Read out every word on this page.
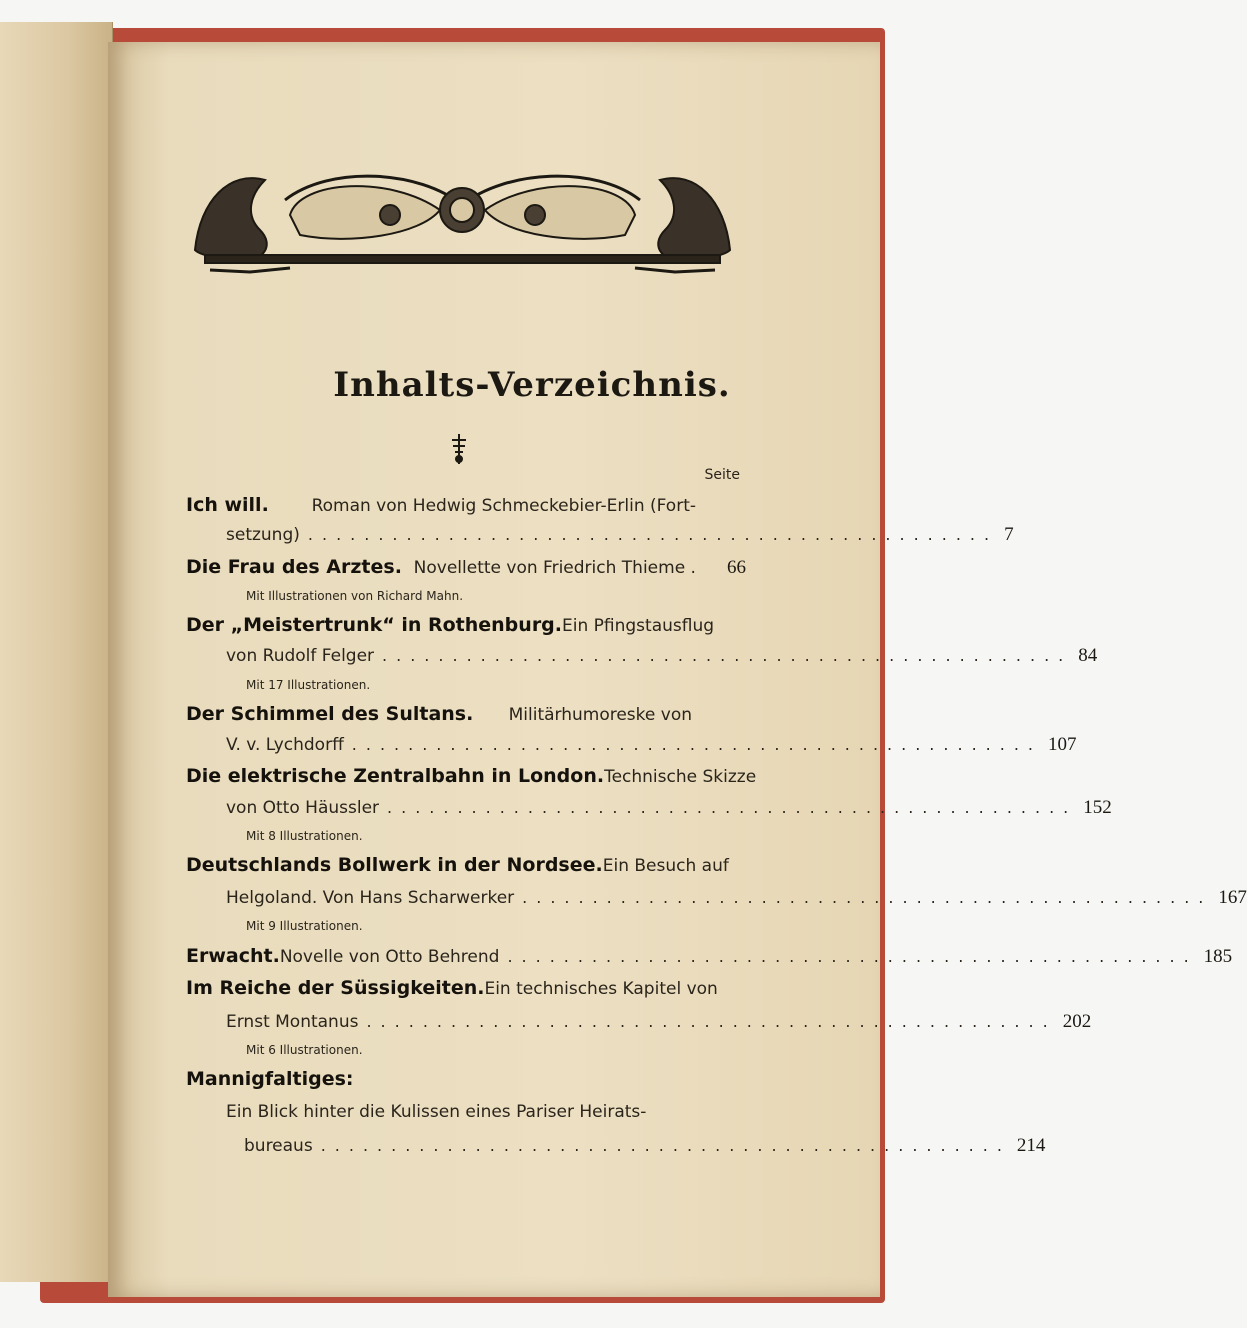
Inhalts-Verzeichnis.
Seite
Ich will.	Roman von Hedwig Schmeckebier-Erlin (Fort-
setzung) ................................................. 7
Die Frau des Arztes. Novellette von Friedrich Thieme .	66
Mit Illustrationen von Richard Mahn.
Der „Meistertrunk“ in Rothenburg. Ein Pfingstausflug
von Rudolf Felger ................................................. 84
Mit 17 Illustrationen.
Der Schimmel des Sultans. Militärhumoreske von
V. v. Lychdorff ................................................. 107
Die elektrische Zentralbahn in London. Technische Skizze
von Otto Häussler ................................................. 152
Mit 8 Illustrationen.
Deutschlands Bollwerk in der Nordsee. Ein Besuch auf
Helgoland. Von Hans Scharwerker ................................................. 167
Mit 9 Illustrationen.
Erwacht. Novelle von Otto Behrend ................................................. 185
Im Reiche der Süssigkeiten. Ein technisches Kapitel von
Ernst Montanus ................................................. 202
Mit 6 Illustrationen.
Mannigfaltiges:
Ein Blick hinter die Kulissen eines Pariser Heirats-
bureaus ................................................. 214
